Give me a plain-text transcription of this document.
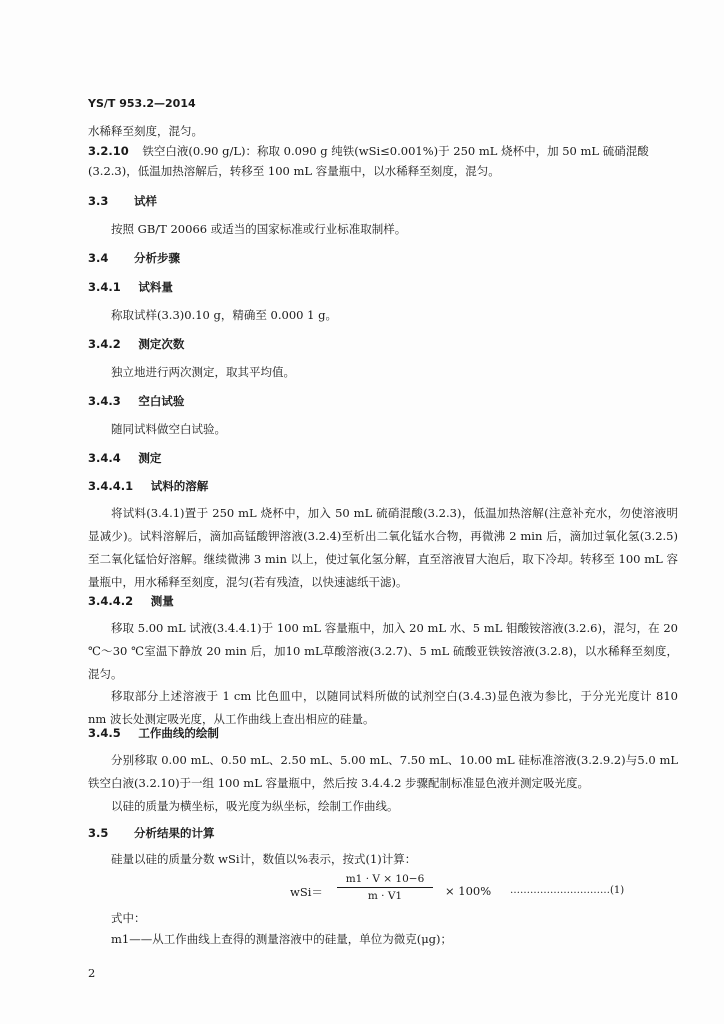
YS/T 953.2—2014
水稀释至刻度，混匀。
3.2.10 铁空白液(0.90 g/L)：称取 0.090 g 纯铁(wSi≤0.001%)于 250 mL 烧杯中，加 50 mL 硫硝混酸
(3.2.3)，低温加热溶解后，转移至 100 mL 容量瓶中，以水稀释至刻度，混匀。
3.3 试样
按照 GB/T 20066 或适当的国家标准或行业标准取制样。
3.4 分析步骤
3.4.1 试料量
称取试样(3.3)0.10 g，精确至 0.000 1 g。
3.4.2 测定次数
独立地进行两次测定，取其平均值。
3.4.3 空白试验
随同试料做空白试验。
3.4.4 测定
3.4.4.1 试料的溶解
将试料(3.4.1)置于 250 mL 烧杯中，加入 50 mL 硫硝混酸(3.2.3)，低温加热溶解(注意补充水，勿使溶液明显减少)。试料溶解后，滴加高锰酸钾溶液(3.2.4)至析出二氧化锰水合物，再微沸 2 min 后，滴加过氧化氢(3.2.5)至二氧化锰恰好溶解。继续微沸 3 min 以上，使过氧化氢分解，直至溶液冒大泡后，取下冷却。转移至 100 mL 容量瓶中，用水稀释至刻度，混匀(若有残渣，以快速滤纸干滤)。
3.4.4.2 测量
移取 5.00 mL 试液(3.4.4.1)于 100 mL 容量瓶中，加入 20 mL 水、5 mL 钼酸铵溶液(3.2.6)，混匀，在 20 ℃～30 ℃室温下静放 20 min 后，加10 mL草酸溶液(3.2.7)、5 mL 硫酸亚铁铵溶液(3.2.8)，以水稀释至刻度，混匀。
移取部分上述溶液于 1 cm 比色皿中，以随同试料所做的试剂空白(3.4.3)显色液为参比，于分光光度计 810 nm 波长处测定吸光度，从工作曲线上查出相应的硅量。
3.4.5 工作曲线的绘制
分别移取 0.00 mL、0.50 mL、2.50 mL、5.00 mL、7.50 mL、10.00 mL 硅标准溶液(3.2.9.2)与5.0 mL 铁空白液(3.2.10)于一组 100 mL 容量瓶中，然后按 3.4.4.2 步骤配制标准显色液并测定吸光度。
以硅的质量为横坐标，吸光度为纵坐标，绘制工作曲线。
3.5 分析结果的计算
硅量以硅的质量分数 wSi计，数值以%表示，按式(1)计算：
wSi＝
m1 · V × 10−6
m · V1	× 100% …………………………(1)
式中：
m1——从工作曲线上查得的测量溶液中的硅量，单位为微克(μg)；
2
